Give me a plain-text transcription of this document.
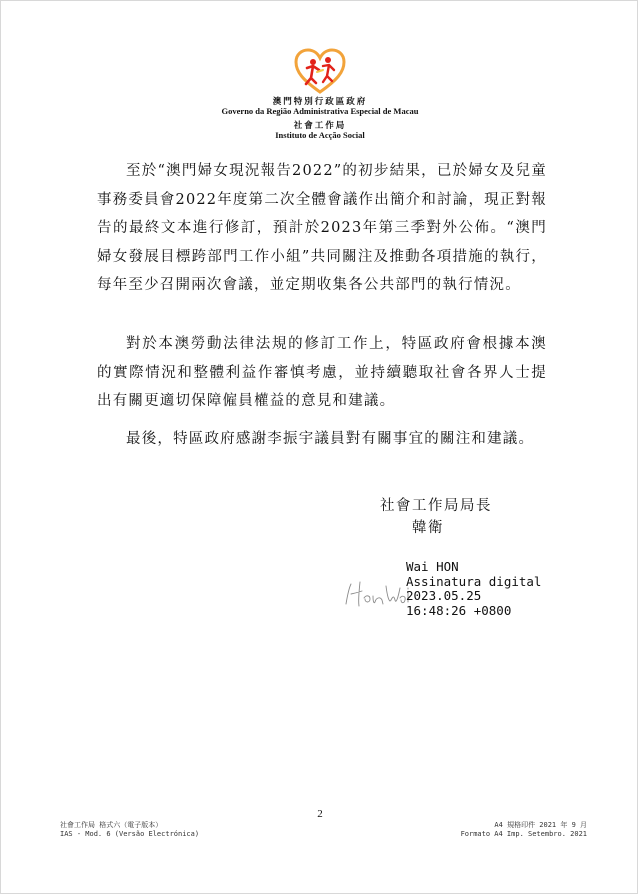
澳門特別行政區政府
Governo da Região Administrativa Especial de Macau
社會工作局
Instituto de Acção Social

至於“澳門婦女現況報告2022”的初步結果，已於婦女及兒童事務委員會2022年度第二次全體會議作出簡介和討論，現正對報告的最終文本進行修訂，預計於2023年第三季對外公佈。“澳門婦女發展目標跨部門工作小組”共同關注及推動各項措施的執行，每年至少召開兩次會議，並定期收集各公共部門的執行情況。

對於本澳勞動法律法規的修訂工作上，特區政府會根據本澳的實際情況和整體利益作審慎考慮，並持續聽取社會各界人士提出有關更適切保障僱員權益的意見和建議。

最後，特區政府感謝李振宇議員對有關事宜的關注和建議。

社會工作局局長
韓衛
Wai HON
Assinatura digital
2023.05.25
16:48:26 +0800
2
社會工作局 格式六（電子版本）
IAS - Mod. 6 (Versão Electrónica)
A4 規格印件 2021 年 9 月
Formato A4 Imp. Setembro. 2021
